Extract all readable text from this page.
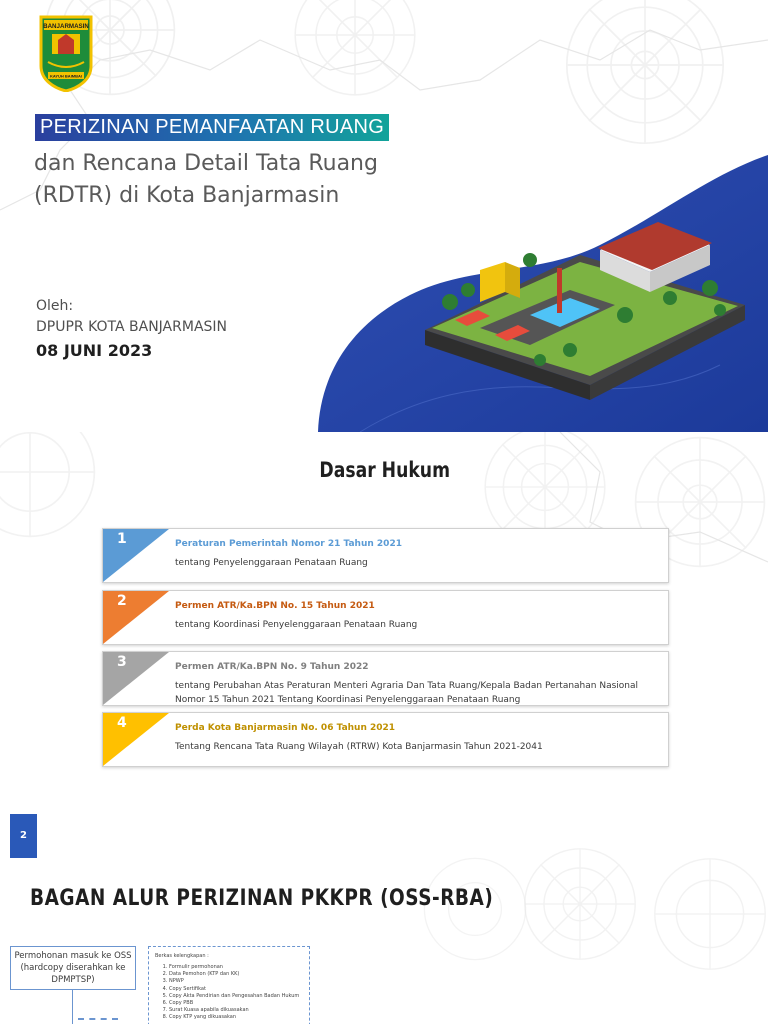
BANJARMASIN
KAYUH BAIMBAI
PERIZINAN PEMANFAATAN RUANG
dan Rencana Detail Tata Ruang
(RDTR) di Kota Banjarmasin
Oleh:
DPUPR KOTA BANJARMASIN
08 JUNI 2023
Dasar Hukum
1	Peraturan Pemerintah Nomor 21 Tahun 2021
tentang Penyelenggaraan Penataan Ruang
2	Permen ATR/Ka.BPN No. 15 Tahun 2021
tentang Koordinasi Penyelenggaraan Penataan Ruang
3	Permen ATR/Ka.BPN No. 9 Tahun 2022
tentang Perubahan Atas Peraturan Menteri Agraria Dan Tata Ruang/Kepala Badan Pertanahan Nasional Nomor 15 Tahun 2021 Tentang Koordinasi Penyelenggaraan Penataan Ruang
4	Perda Kota Banjarmasin No. 06 Tahun 2021
Tentang Rencana Tata Ruang Wilayah (RTRW) Kota Banjarmasin Tahun 2021-2041
2
BAGAN ALUR PERIZINAN PKKPR (OSS-RBA)
Permohonan masuk ke OSS (hardcopy diserahkan ke DPMPTSP)
Berkas kelengkapan :
1. Formulir permohonan
2. Data Pemohon (KTP dan KK)
3. NPWP
4. Copy Sertifikat
5. Copy Akta Pendirian dan Pengesahan Badan Hukum
6. Copy PBB
7. Surat Kuasa apabila dikuasakan
8. Copy KTP yang dikuasakan
